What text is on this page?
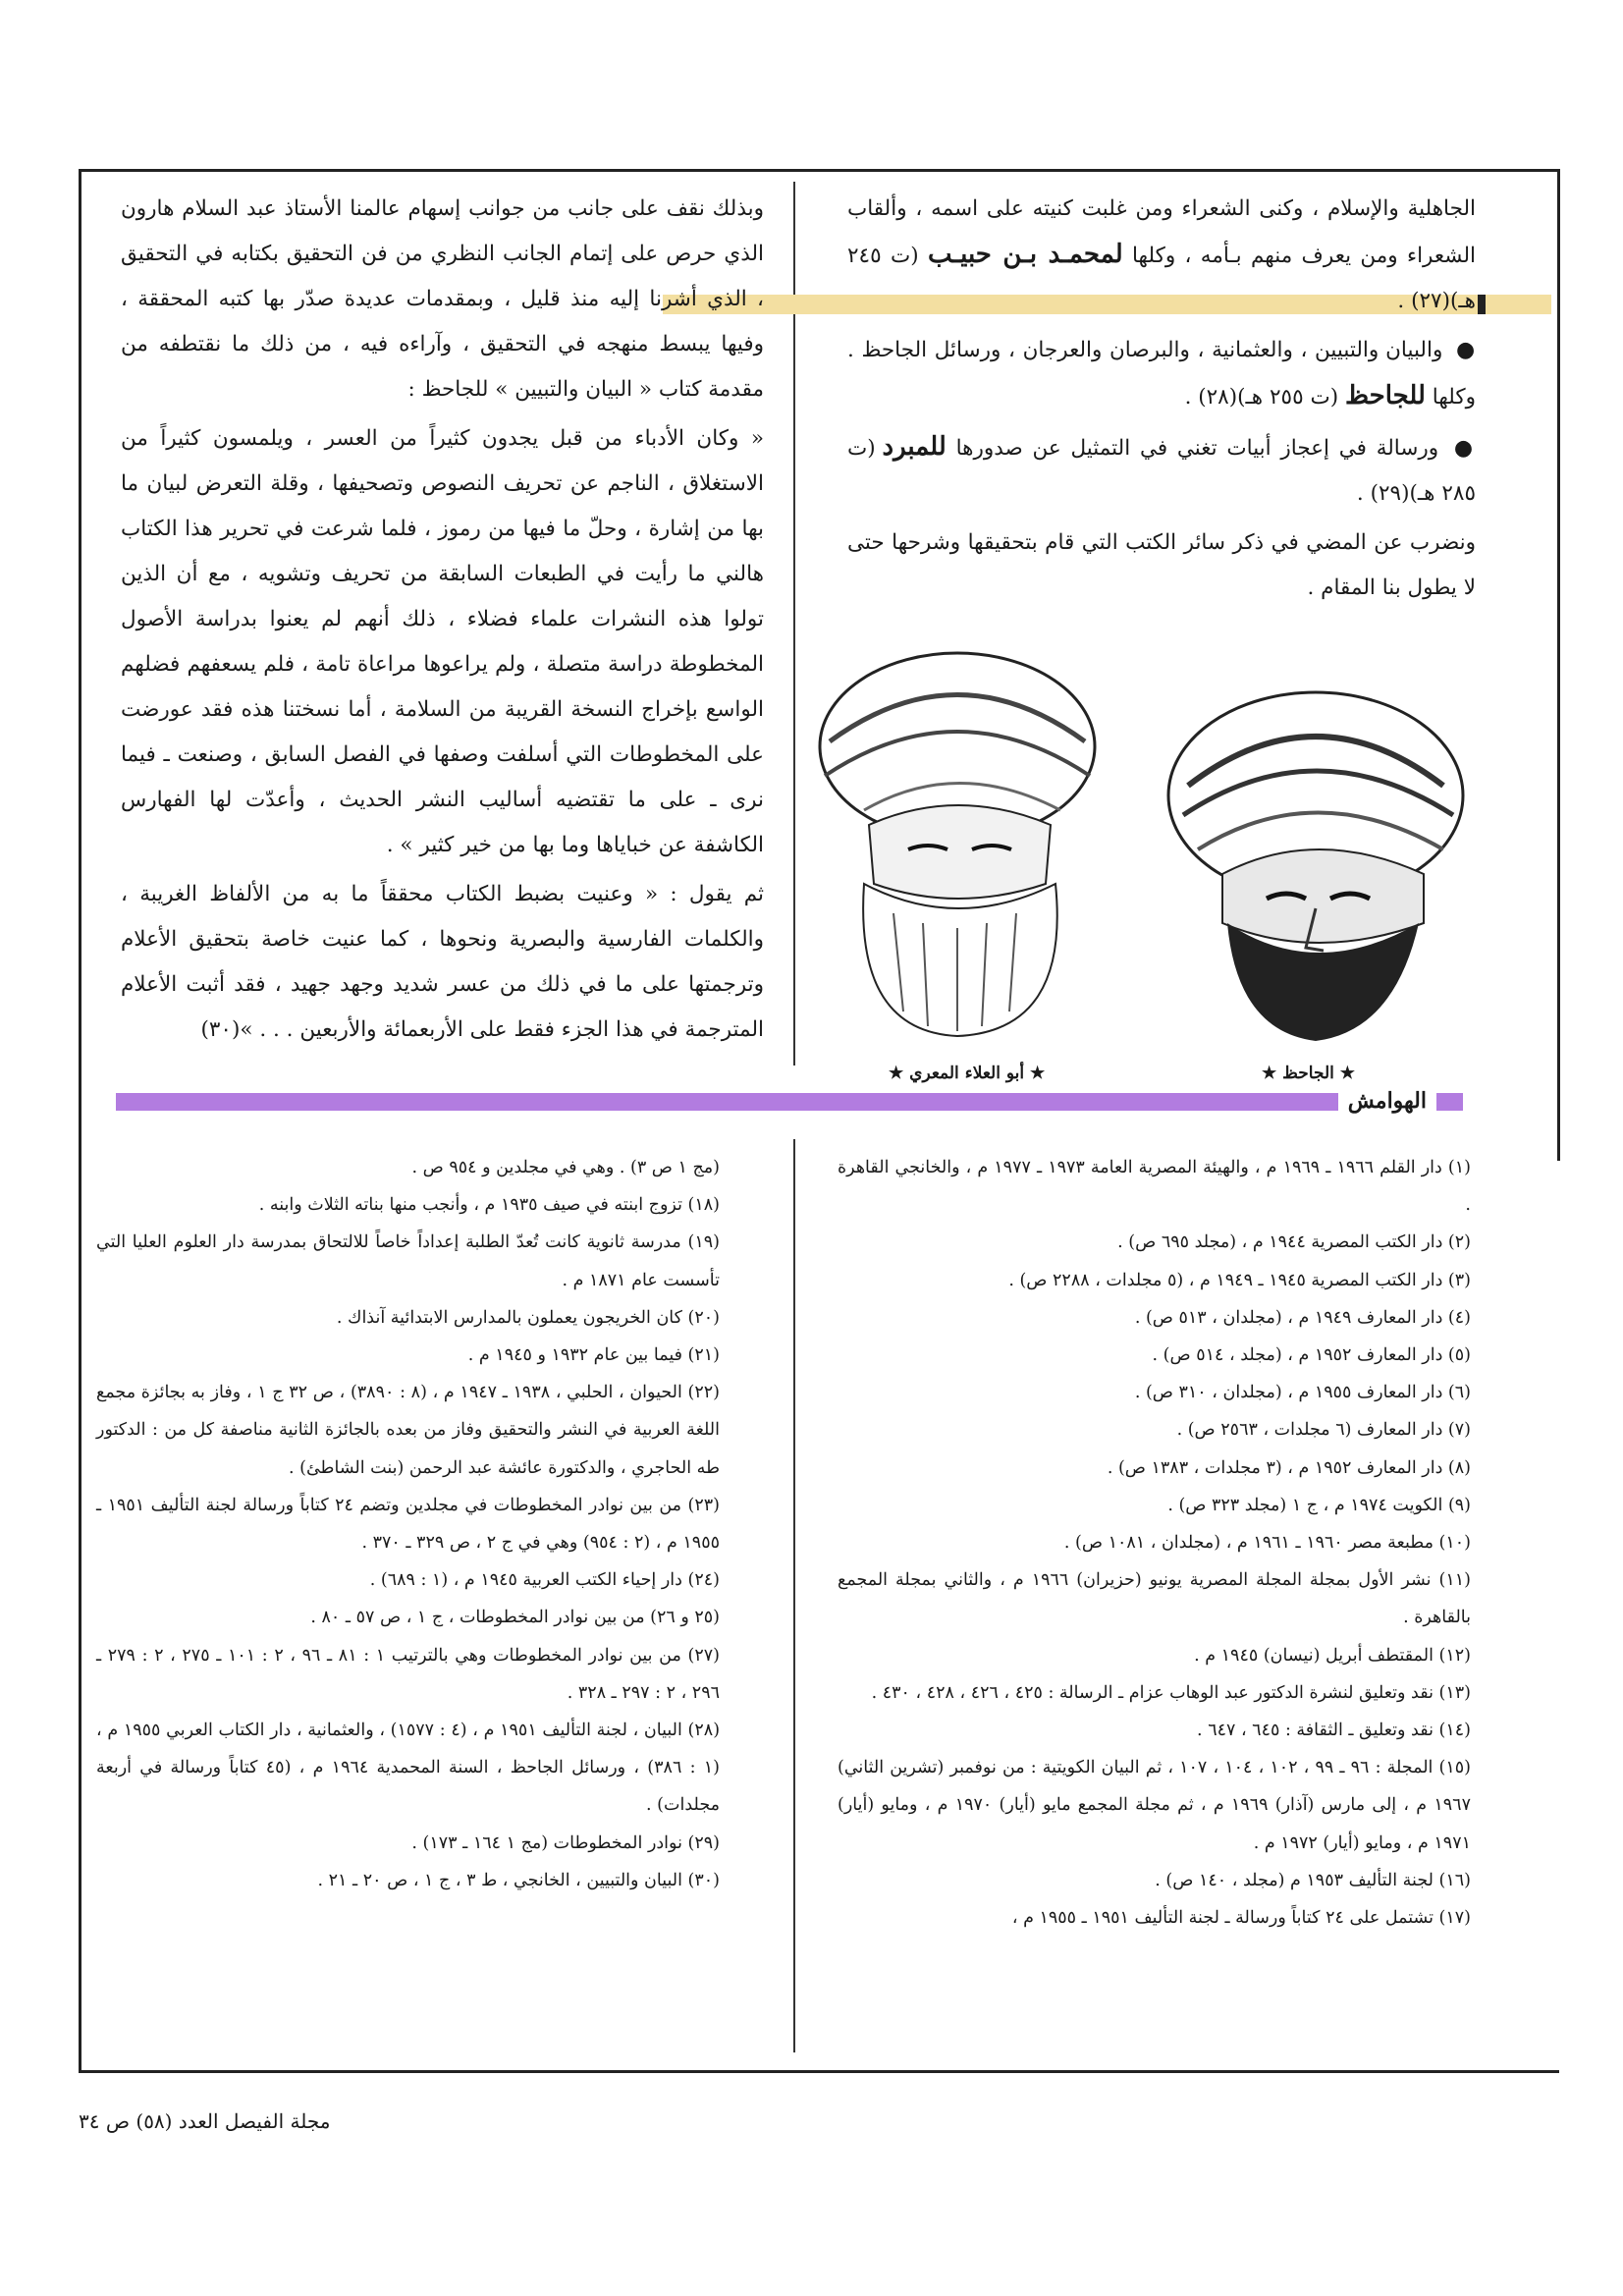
الجاهلية والإسلام ، وكنى الشعراء ومن غلبت كنيته على اسمه ، وألقاب الشعراء ومن يعرف منهم بـأمه ، وكلها لمحمـد بـن حبيـب (ت ٢٤٥ هـ)(٢٧) .

● والبيان والتبيين ، والعثمانية ، والبرصان والعرجان ، ورسائل الجاحظ . وكلها للجاحظ (ت ٢٥٥ هـ)(٢٨) .

● ورسالة في إعجاز أبيات تغني في التمثيل عن صدورها للمبرد (ت ٢٨٥ هـ)(٢٩) .

ونضرب عن المضي في ذكر سائر الكتب التي قام بتحقيقها وشرحها حتى لا يطول بنا المقام .

وبذلك نقف على جانب من جوانب إسهام عالمنا الأستاذ عبد السلام هارون الذي حرص على إتمام الجانب النظري من فن التحقيق بكتابه في التحقيق ، الذي أشرنا إليه منذ قليل ، وبمقدمات عديدة صدّر بها كتبه المحققة ، وفيها يبسط منهجه في التحقيق ، وآراءه فيه ، من ذلك ما نقتطفه من مقدمة كتاب « البيان والتبيين » للجاحظ :

« وكان الأدباء من قبل يجدون كثيراً من العسر ، ويلمسون كثيراً من الاستغلاق ، الناجم عن تحريف النصوص وتصحيفها ، وقلة التعرض لبيان ما بها من إشارة ، وحلّ ما فيها من رموز ، فلما شرعت في تحرير هذا الكتاب هالني ما رأيت في الطبعات السابقة من تحريف وتشويه ، مع أن الذين تولوا هذه النشرات علماء فضلاء ، ذلك أنهم لم يعنوا بدراسة الأصول المخطوطة دراسة متصلة ، ولم يراعوها مراعاة تامة ، فلم يسعفهم فضلهم الواسع بإخراج النسخة القريبة من السلامة ، أما نسختنا هذه فقد عورضت على المخطوطات التي أسلفت وصفها في الفصل السابق ، وصنعت ـ فيما نرى ـ على ما تقتضيه أساليب النشر الحديث ، وأعدّت لها الفهارس الكاشفة عن خباياها وما بها من خير كثير » .

ثم يقول : « وعنيت بضبط الكتاب محققاً ما به من الألفاظ الغريبة ، والكلمات الفارسية والبصرية ونحوها ، كما عنيت خاصة بتحقيق الأعلام وترجمتها على ما في ذلك من عسر شديد وجهد جهيد ، فقد أثبت الأعلام المترجمة في هذا الجزء فقط على الأربعمائة والأربعين . . . »(٣٠)

★ الجاحظ ★
★ أبو العلاء المعري ★
الهوامش
(١) دار القلم ١٩٦٦ ـ ١٩٦٩ م ، والهيئة المصرية العامة ١٩٧٣ ـ ١٩٧٧ م ، والخانجي القاهرة .
(٢) دار الكتب المصرية ١٩٤٤ م ، (مجلد ٦٩٥ ص) .
(٣) دار الكتب المصرية ١٩٤٥ ـ ١٩٤٩ م ، (٥ مجلدات ، ٢٢٨٨ ص) .
(٤) دار المعارف ١٩٤٩ م ، (مجلدان ، ٥١٣ ص) .
(٥) دار المعارف ١٩٥٢ م ، (مجلد ، ٥١٤ ص) .
(٦) دار المعارف ١٩٥٥ م ، (مجلدان ، ٣١٠ ص) .
(٧) دار المعارف (٦ مجلدات ، ٢٥٦٣ ص) .
(٨) دار المعارف ١٩٥٢ م ، (٣ مجلدات ، ١٣٨٣ ص) .
(٩) الكويت ١٩٧٤ م ، ج ١ (مجلد ٣٢٣ ص) .
(١٠) مطبعة مصر ١٩٦٠ ـ ١٩٦١ م ، (مجلدان ، ١٠٨١ ص) .
(١١) نشر الأول بمجلة المجلة المصرية يونيو (حزيران) ١٩٦٦ م ، والثاني بمجلة المجمع بالقاهرة .
(١٢) المقتطف أبريل (نيسان) ١٩٤٥ م .
(١٣) نقد وتعليق لنشرة الدكتور عبد الوهاب عزام ـ الرسالة : ٤٢٥ ، ٤٢٦ ، ٤٢٨ ، ٤٣٠ .
(١٤) نقد وتعليق ـ الثقافة : ٦٤٥ ، ٦٤٧ .
(١٥) المجلة : ٩٦ ـ ٩٩ ، ١٠٢ ، ١٠٤ ، ١٠٧ ، ثم البيان الكويتية : من نوفمبر (تشرين الثاني) ١٩٦٧ م ، إلى مارس (آذار) ١٩٦٩ م ، ثم مجلة المجمع مايو (أيار) ١٩٧٠ م ، ومايو (أيار) ١٩٧١ م ، ومايو (أيار) ١٩٧٢ م .
(١٦) لجنة التأليف ١٩٥٣ م (مجلد ، ١٤٠ ص) .
(١٧) تشتمل على ٢٤ كتاباً ورسالة ـ لجنة التأليف ١٩٥١ ـ ١٩٥٥ م ،
(مج ١ ص ٣) . وهي في مجلدين و ٩٥٤ ص .
(١٨) تزوج ابنته في صيف ١٩٣٥ م ، وأنجب منها بناته الثلاث وابنه .
(١٩) مدرسة ثانوية كانت تُعدّ الطلبة إعداداً خاصاً للالتحاق بمدرسة دار العلوم العليا التي تأسست عام ١٨٧١ م .
(٢٠) كان الخريجون يعملون بالمدارس الابتدائية آنذاك .
(٢١) فيما بين عام ١٩٣٢ و ١٩٤٥ م .
(٢٢) الحيوان ، الحلبي ، ١٩٣٨ ـ ١٩٤٧ م ، (٨ : ٣٨٩٠) ، ص ٣٢ ج ١ ، وفاز به بجائزة مجمع اللغة العربية في النشر والتحقيق وفاز من بعده بالجائزة الثانية مناصفة كل من : الدكتور طه الحاجري ، والدكتورة عائشة عبد الرحمن (بنت الشاطئ) .
(٢٣) من بين نوادر المخطوطات في مجلدين وتضم ٢٤ كتاباً ورسالة لجنة التأليف ١٩٥١ ـ ١٩٥٥ م ، (٢ : ٩٥٤) وهي في ج ٢ ، ص ٣٢٩ ـ ٣٧٠ .
(٢٤) دار إحياء الكتب العربية ١٩٤٥ م ، (١ : ٦٨٩) .
(٢٥ و ٢٦) من بين نوادر المخطوطات ، ج ١ ، ص ٥٧ ـ ٨٠ .
(٢٧) من بين نوادر المخطوطات وهي بالترتيب ١ : ٨١ ـ ٩٦ ، ٢ : ١٠١ ـ ٢٧٥ ، ٢ : ٢٧٩ ـ ٢٩٦ ، ٢ : ٢٩٧ ـ ٣٢٨ .
(٢٨) البيان ، لجنة التأليف ١٩٥١ م ، (٤ : ١٥٧٧) ، والعثمانية ، دار الكتاب العربي ١٩٥٥ م ، (١ : ٣٨٦) ، ورسائل الجاحظ ، السنة المحمدية ١٩٦٤ م ، (٤٥ كتاباً ورسالة في أربعة مجلدات) .
(٢٩) نوادر المخطوطات (مج ١ ١٦٤ ـ ١٧٣) .
(٣٠) البيان والتبيين ، الخانجي ، ط ٣ ، ج ١ ، ص ٢٠ ـ ٢١ .
مجلة الفيصل العدد (٥٨) ص ٣٤
